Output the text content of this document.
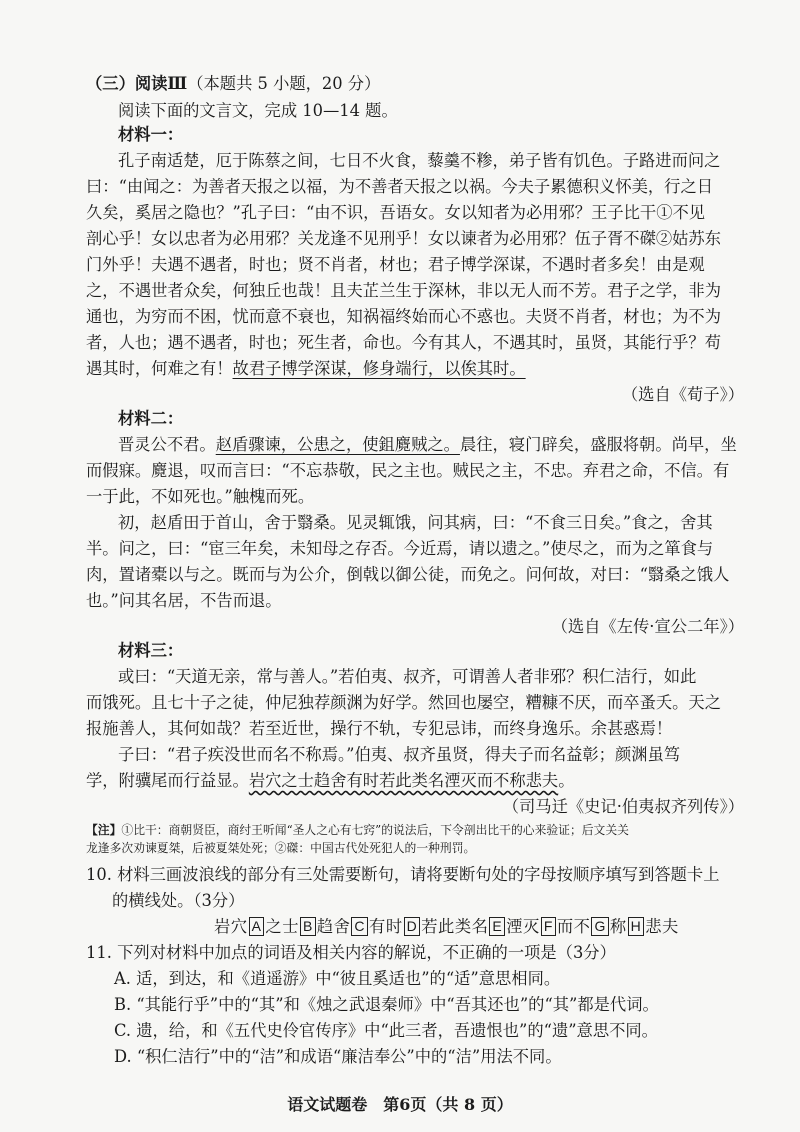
（三）阅读Ⅲ（本题共 5 小题，20 分）
阅读下面的文言文，完成 10—14 题。
材料一：
孔子南适楚，厄于陈蔡之间，七日不火食，藜羹不糁，弟子皆有饥色。子路进而问之
曰：“由闻之：为善者天报之以福，为不善者天报之以祸。今夫子累德积义怀美，行之日
久矣，奚居之隐也？”孔子曰：“由不识，吾语女。女以知者为必用邪？王子比干①不见
剖心乎！女以忠者为必用邪？关龙逢不见刑乎！女以谏者为必用邪？伍子胥不磔②姑苏东
门外乎！夫遇不遇者，时也；贤不肖者，材也；君子博学深谋，不遇时者多矣！由是观
之，不遇世者众矣，何独丘也哉！且夫芷兰生于深林，非以无人而不芳。君子之学，非为
通也，为穷而不困，忧而意不衰也，知祸福终始而心不惑也。夫贤不肖者，材也；为不为
者，人也；遇不遇者，时也；死生者，命也。今有其人，不遇其时，虽贤，其能行乎？苟
遇其时，何难之有！故君子博学深谋，修身端行，以俟其时。
（选自《荀子》）
材料二：
晋灵公不君。赵盾骤谏，公患之，使鉏麑贼之。晨往，寝门辟矣，盛服将朝。尚早，坐
而假寐。麑退，叹而言曰：“不忘恭敬，民之主也。贼民之主，不忠。弃君之命，不信。有
一于此，不如死也。”触槐而死。
初，赵盾田于首山，舍于翳桑。见灵辄饿，问其病，曰：“不食三日矣。”食之，舍其
半。问之，曰：“宦三年矣，未知母之存否。今近焉，请以遗之。”使尽之，而为之箪食与
肉，置诸橐以与之。既而与为公介，倒戟以御公徒，而免之。问何故，对曰：“翳桑之饿人
也。”问其名居，不告而退。
（选自《左传·宣公二年》）
材料三：
或曰：“天道无亲，常与善人。”若伯夷、叔齐，可谓善人者非邪？积仁洁行，如此
而饿死。且七十子之徒，仲尼独荐颜渊为好学。然回也屡空，糟糠不厌，而卒蚤夭。天之
报施善人，其何如哉？若至近世，操行不轨，专犯忌讳，而终身逸乐。余甚惑焉！
子曰：“君子疾没世而名不称焉。”伯夷、叔齐虽贤，得夫子而名益彰；颜渊虽笃
学，附骥尾而行益显。岩穴之士趋舍有时若此类名湮灭而不称悲夫。
（司马迁《史记·伯夷叔齐列传》）
【注】①比干：商朝贤臣，商纣王听闻“圣人之心有七窍”的说法后，下令剖出比干的心来验证；后文关关
龙逢多次劝谏夏桀，后被夏桀处死；②磔：中国古代处死犯人的一种刑罚。
10. 材料三画波浪线的部分有三处需要断句，请将要断句处的字母按顺序填写到答题卡上
的横线处。（3分）
岩穴 A 之士 B 趋舍 C 有时 D 若此类名 E 湮灭 F 而不 G 称 H 悲夫
11. 下列对材料中加点的词语及相关内容的解说，不正确的一项是（3分）
A. 适，到达，和《逍遥游》中“彼且奚适也”的“适”意思相同。
B. “其能行乎”中的“其”和《烛之武退秦师》中“吾其还也”的“其”都是代词。
C. 遗，给，和《五代史伶官传序》中“此三者，吾遗恨也”的“遗”意思不同。
D. “积仁洁行”中的“洁”和成语“廉洁奉公”中的“洁”用法不同。
语文试题卷　第6页（共 8 页）
